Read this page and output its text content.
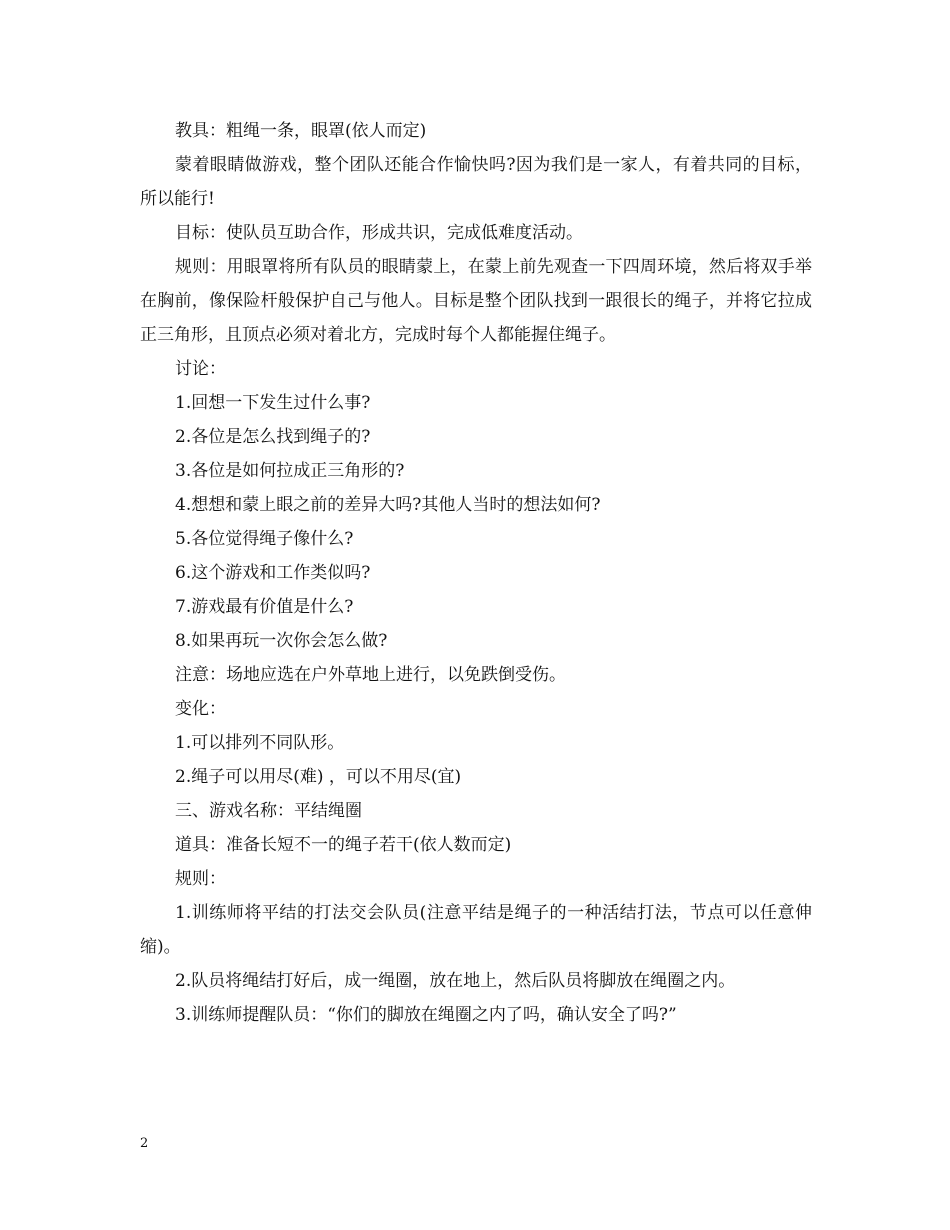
教具：粗绳一条，眼罩(依人而定)

蒙着眼睛做游戏，整个团队还能合作愉快吗?因为我们是一家人，有着共同的目标，所以能行!

目标：使队员互助合作，形成共识，完成低难度活动。

规则：用眼罩将所有队员的眼睛蒙上，在蒙上前先观查一下四周环境，然后将双手举在胸前，像保险杆般保护自己与他人。目标是整个团队找到一跟很长的绳子，并将它拉成正三角形，且顶点必须对着北方，完成时每个人都能握住绳子。

讨论：

1.回想一下发生过什么事?

2.各位是怎么找到绳子的?

3.各位是如何拉成正三角形的?

4.想想和蒙上眼之前的差异大吗?其他人当时的想法如何?

5.各位觉得绳子像什么?

6.这个游戏和工作类似吗?

7.游戏最有价值是什么?

8.如果再玩一次你会怎么做?

注意：场地应选在户外草地上进行，以免跌倒受伤。

变化：

1.可以排列不同队形。

2.绳子可以用尽(难) ，可以不用尽(宜)

三、游戏名称：平结绳圈

道具：准备长短不一的绳子若干(依人数而定)

规则：

1.训练师将平结的打法交会队员(注意平结是绳子的一种活结打法，节点可以任意伸缩)。

2.队员将绳结打好后，成一绳圈，放在地上，然后队员将脚放在绳圈之内。

3.训练师提醒队员：“你们的脚放在绳圈之内了吗，确认安全了吗?”

2
